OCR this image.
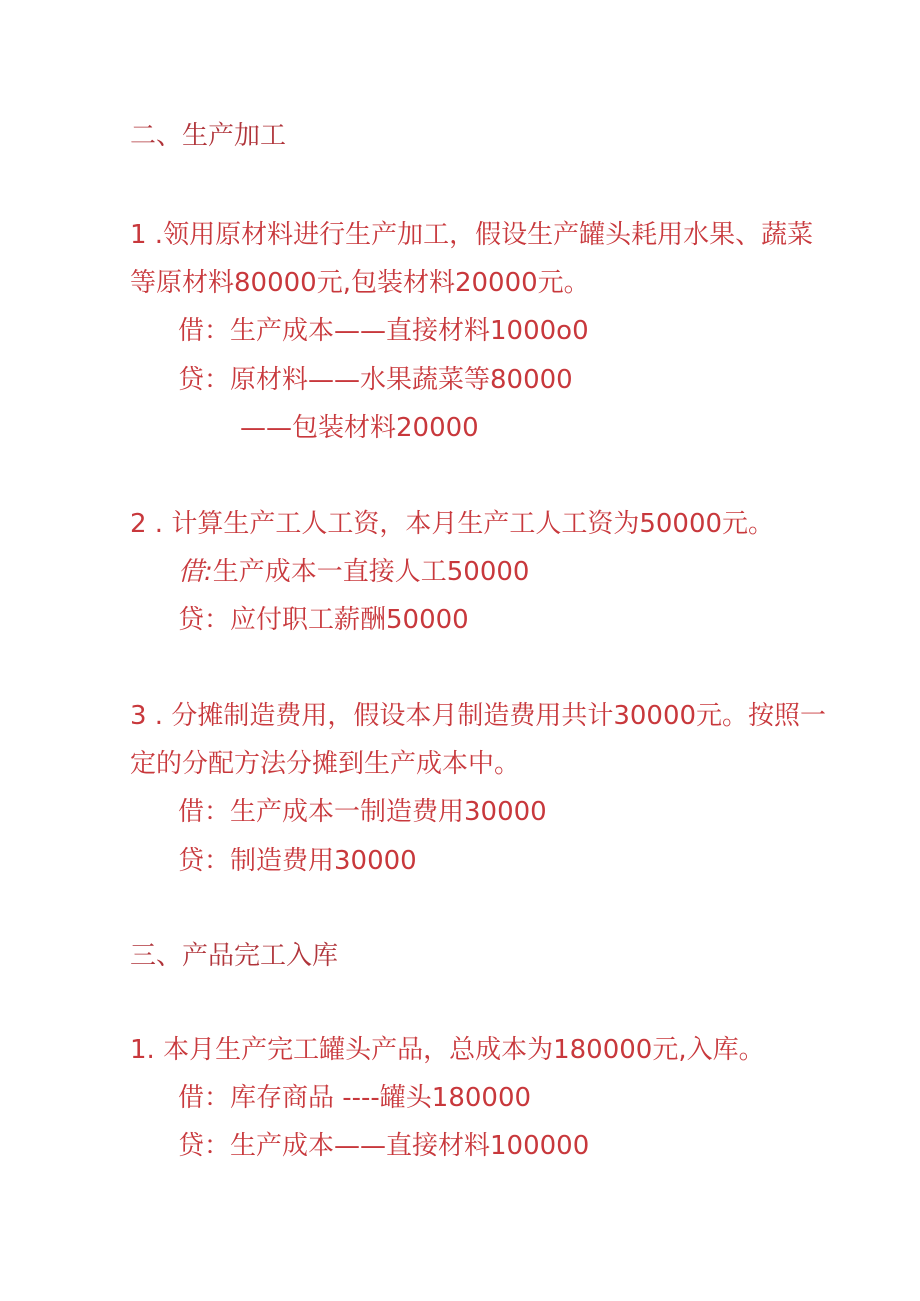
二、生产加工
1 .领用原材料进行生产加工，假设生产罐头耗用水果、蔬菜
等原材料80000元,包装材料20000元。
借：生产成本——直接材料1000o0
贷：原材料——水果蔬菜等80000
——包装材料20000
2 . 计算生产工人工资，本月生产工人工资为50000元。
借:生产成本一直接人工50000
贷：应付职工薪酬50000
3 . 分摊制造费用，假设本月制造费用共计30000元。按照一
定的分配方法分摊到生产成本中。
借：生产成本一制造费用30000
贷：制造费用30000
三、产品完工入库
1. 本月生产完工罐头产品，总成本为180000元,入库。
借：库存商品 ----罐头180000
贷：生产成本——直接材料100000
